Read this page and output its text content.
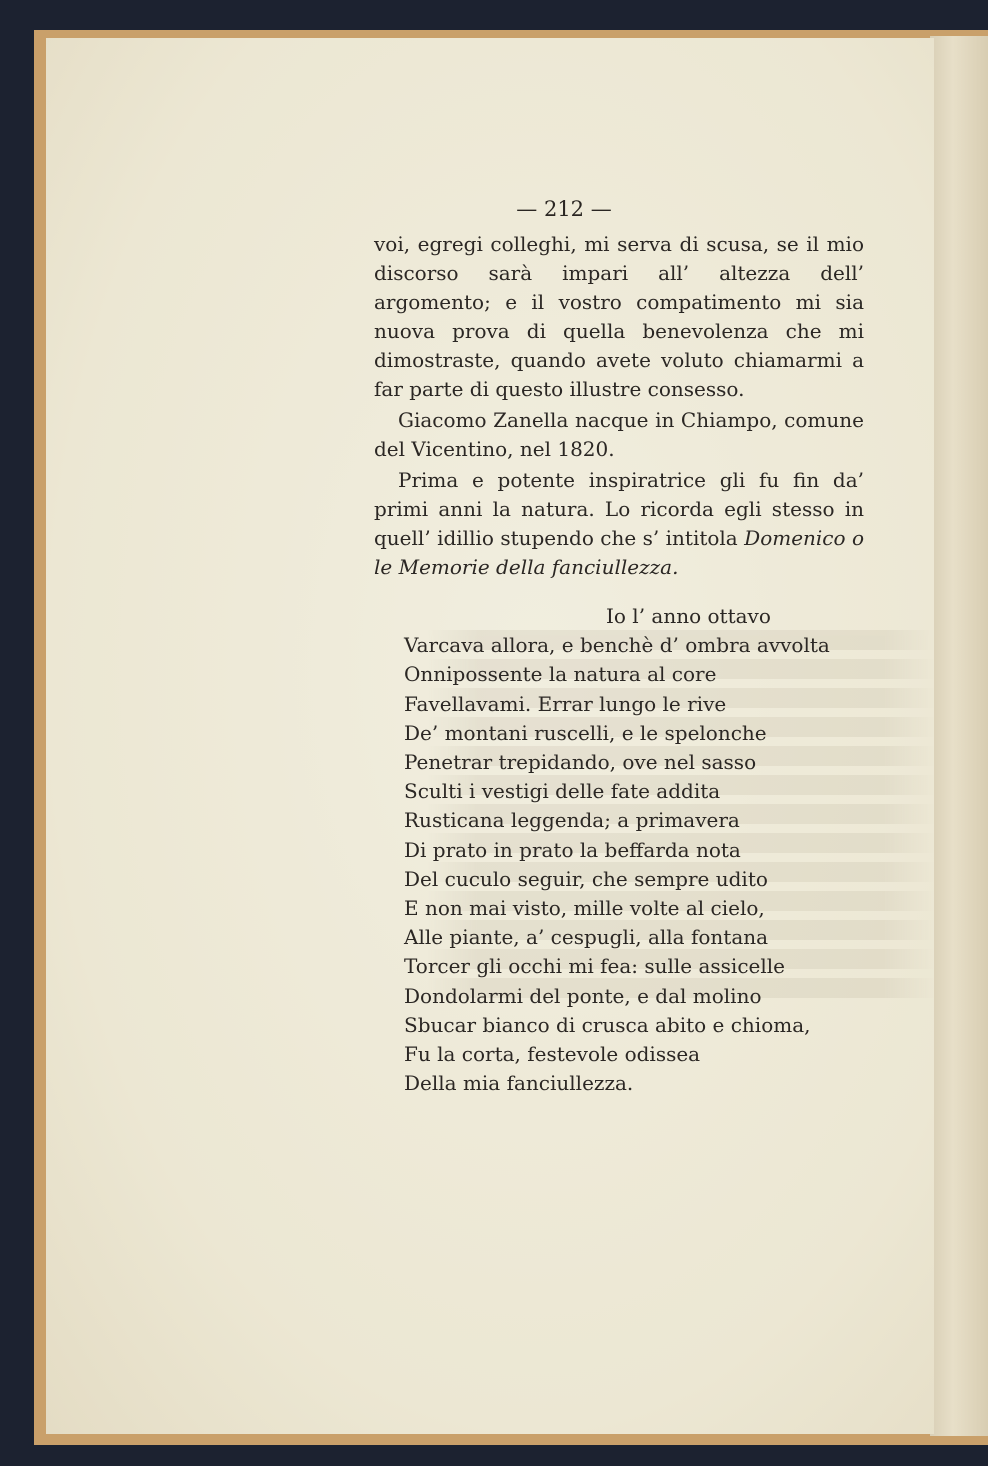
— 212 —

voi, egregi colleghi, mi serva di scusa, se il mio discorso sarà impari all’ altezza dell’ argomento; e il vostro compatimento mi sia nuova prova di quella benevolenza che mi dimostraste, quando avete voluto chiamarmi a far parte di questo illustre consesso.

Giacomo Zanella nacque in Chiampo, comune del Vicentino, nel 1820.

Prima e potente inspiratrice gli fu fin da’ primi anni la natura. Lo ricorda egli stesso in quell’ idillio stupendo che s’ intitola Domenico o le Memorie della fanciullezza.

Io l’ anno ottavo
Varcava allora, e benchè d’ ombra avvolta
Onnipossente la natura al core
Favellavami. Errar lungo le rive
De’ montani ruscelli, e le spelonche
Penetrar trepidando, ove nel sasso
Sculti i vestigi delle fate addita
Rusticana leggenda; a primavera
Di prato in prato la beffarda nota
Del cuculo seguir, che sempre udito
E non mai visto, mille volte al cielo,
Alle piante, a’ cespugli, alla fontana
Torcer gli occhi mi fea: sulle assicelle
Dondolarmi del ponte, e dal molino
Sbucar bianco di crusca abito e chioma,
Fu la corta, festevole odissea
Della mia fanciullezza.
